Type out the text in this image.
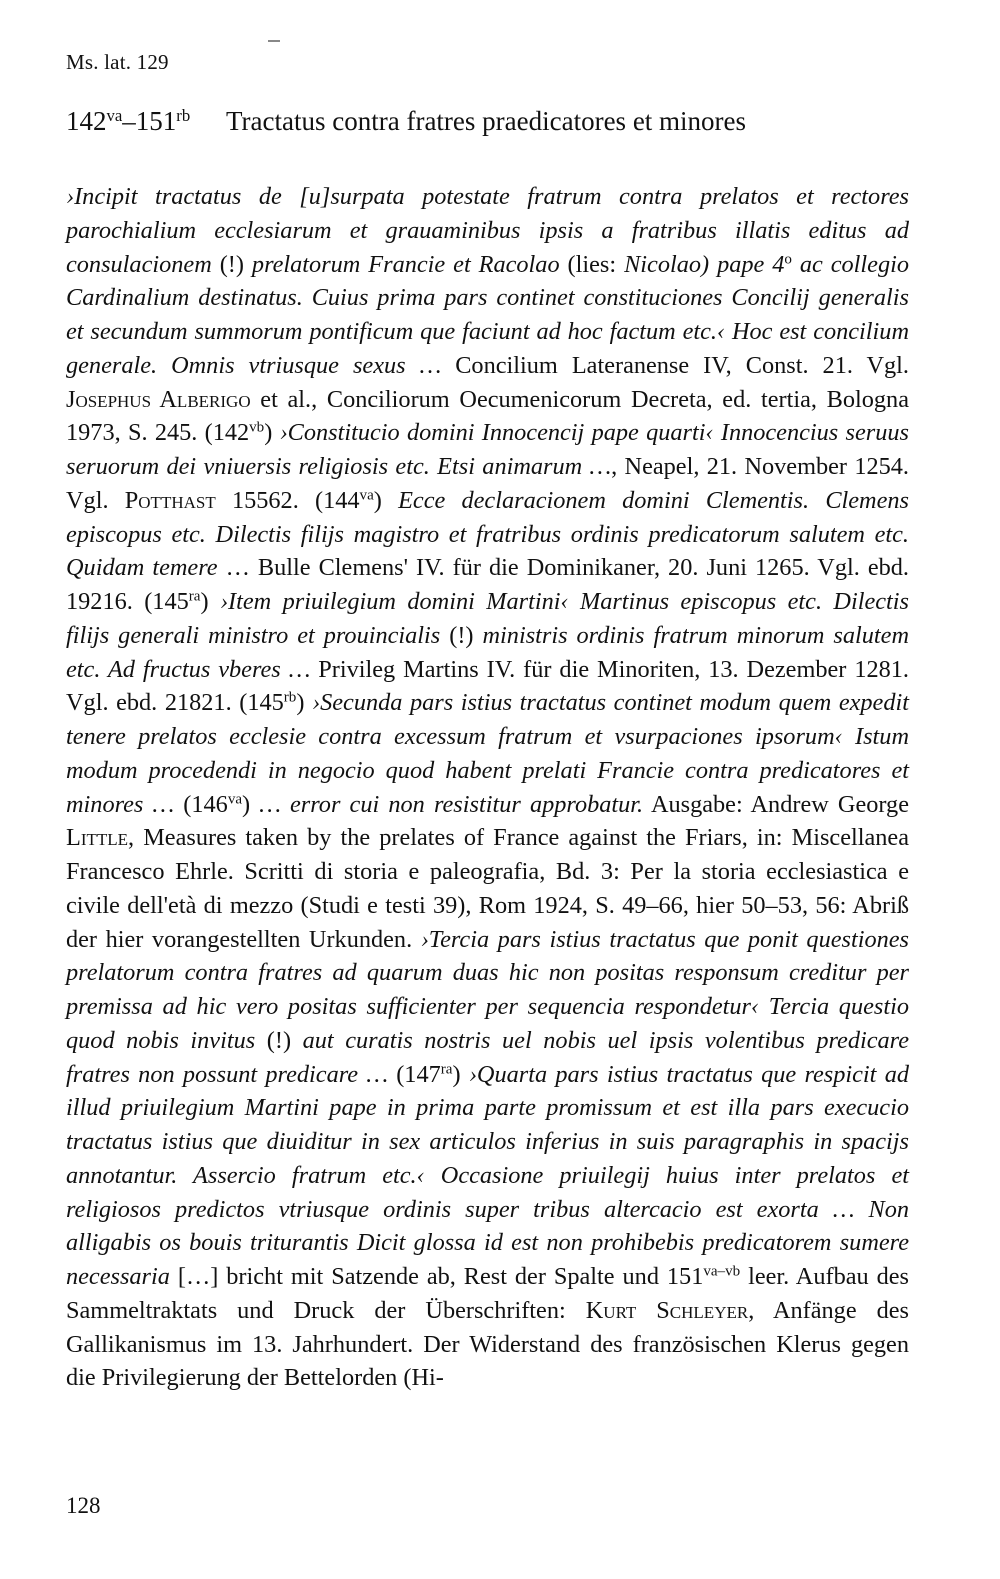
Ms. lat. 129
$142^{va}-151^{rb}$ Tractatus contra fratres praedicatores et minores

›Incipit tractatus de [u]surpata potestate fratrum contra prelatos et rectores parochialium ecclesiarum et grauaminibus ipsis a fratribus illatis editus ad consulacionem (!) prelatorum Francie et Racolao (lies: Nicolao) pape 4$^o$ ac collegio Cardinalium destinatus. Cuius prima pars continet constituciones Concilij generalis et secundum summorum pontificum que faciunt ad hoc factum etc.‹ Hoc est concilium generale. Omnis vtriusque sexus … Concilium Lateranense IV, Const. 21. Vgl. Josephus Alberigo et al., Conciliorum Oecumenicorum Decreta, ed. tertia, Bologna 1973, S. 245. $(142^{vb})$ ›Constitucio domini Innocencij pape quarti‹ Innocencius seruus seruorum dei vniuersis religiosis etc. Etsi animarum …, Neapel, 21. November 1254. Vgl. Potthast 15562. $(144^{va})$ Ecce declaracionem domini Clementis. Clemens episcopus etc. Dilectis filijs magistro et fratribus ordinis predicatorum salutem etc. Quidam temere … Bulle Clemens' IV. für die Dominikaner, 20. Juni 1265. Vgl. ebd. 19216. $(145^{ra})$ ›Item priuilegium domini Martini‹ Martinus episcopus etc. Dilectis filijs generali ministro et prouincialis (!) ministris ordinis fratrum minorum salutem etc. Ad fructus vberes … Privileg Martins IV. für die Minoriten, 13. Dezember 1281. Vgl. ebd. 21821. $(145^{rb})$ ›Secunda pars istius tractatus continet modum quem expedit tenere prelatos ecclesie contra excessum fratrum et vsurpaciones ipsorum‹ Istum modum procedendi in negocio quod habent prelati Francie contra predicatores et minores … $(146^{va})$ … error cui non resistitur approbatur. Ausgabe: Andrew George Little, Measures taken by the prelates of France against the Friars, in: Miscellanea Francesco Ehrle. Scritti di storia e paleografia, Bd. 3: Per la storia ecclesiastica e civile dell'età di mezzo (Studi e testi 39), Rom 1924, S. 49–66, hier 50–53, 56: Abriß der hier vorangestellten Urkunden. ›Tercia pars istius tractatus que ponit questiones prelatorum contra fratres ad quarum duas hic non positas responsum creditur per premissa ad hic vero positas sufficienter per sequencia respondetur‹ Tercia questio quod nobis invitus (!) aut curatis nostris uel nobis uel ipsis volentibus predicare fratres non possunt predicare … $(147^{ra})$ ›Quarta pars istius tractatus que respicit ad illud priuilegium Martini pape in prima parte promissum et est illa pars execucio tractatus istius que diuiditur in sex articulos inferius in suis paragraphis in spacijs annotantur. Assercio fratrum etc.‹ Occasione priuilegij huius inter prelatos et religiosos predictos vtriusque ordinis super tribus altercacio est exorta … Non alligabis os bouis triturantis Dicit glossa id est non prohibebis predicatorem sumere necessaria […] bricht mit Satzende ab, Rest der Spalte und $151^{va-vb}$ leer. Aufbau des Sammeltraktats und Druck der Überschriften: Kurt Schleyer, Anfänge des Gallikanismus im 13. Jahrhundert. Der Widerstand des französischen Klerus gegen die Privilegierung der Bettelorden (Hi-

128
